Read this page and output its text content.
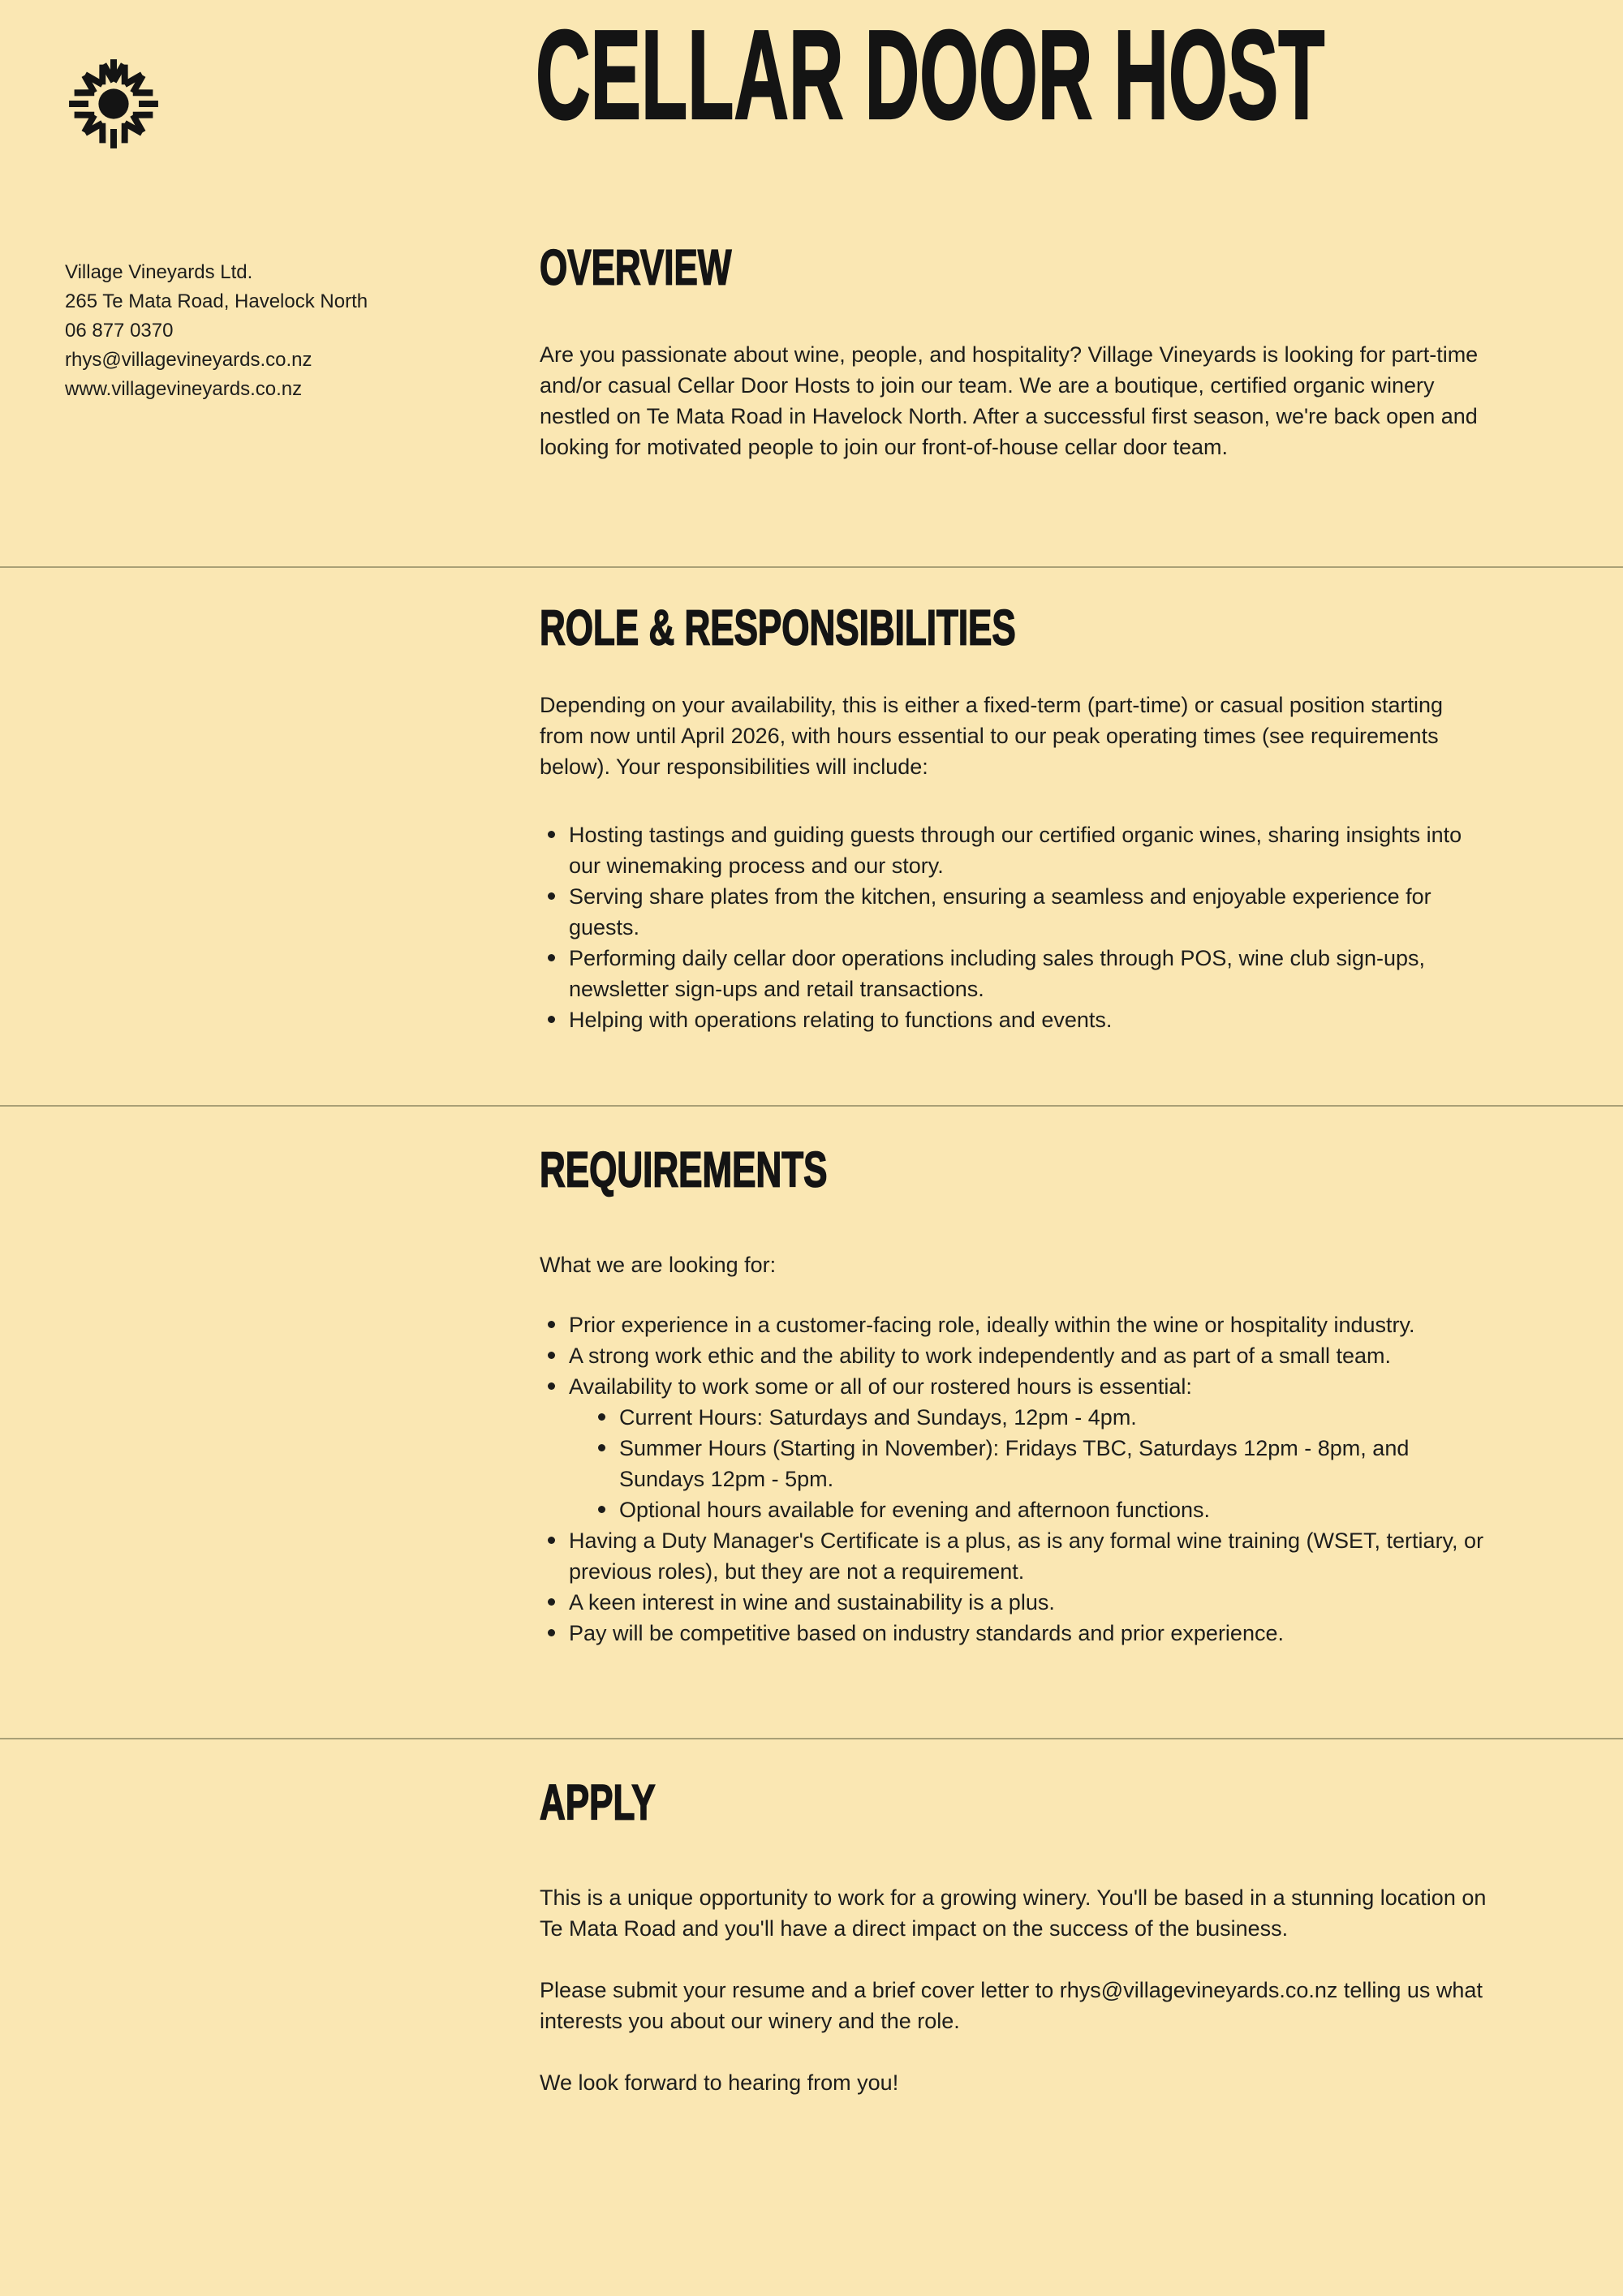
CELLAR DOOR HOST
Village Vineyards Ltd.
265 Te Mata Road, Havelock North
06 877 0370
rhys@villagevineyards.co.nz
www.villagevineyards.co.nz
OVERVIEW

Are you passionate about wine, people, and hospitality? Village Vineyards is looking for part-time and/or casual Cellar Door Hosts to join our team. We are a boutique, certified organic winery nestled on Te Mata Road in Havelock North. After a successful first season, we're back open and looking for motivated people to join our front-of-house cellar door team.

ROLE & RESPONSIBILITIES

Depending on your availability, this is either a fixed-term (part-time) or casual position starting from now until April 2026, with hours essential to our peak operating times (see requirements below). Your responsibilities will include:

Hosting tastings and guiding guests through our certified organic wines, sharing insights into our winemaking process and our story.
Serving share plates from the kitchen, ensuring a seamless and enjoyable experience for guests.
Performing daily cellar door operations including sales through POS, wine club sign-ups, newsletter sign-ups and retail transactions.
Helping with operations relating to functions and events.
REQUIREMENTS

What we are looking for:

Prior experience in a customer-facing role, ideally within the wine or hospitality industry.
A strong work ethic and the ability to work independently and as part of a small team.
Availability to work some or all of our rostered hours is essential:
Current Hours: Saturdays and Sundays, 12pm - 4pm.
Summer Hours (Starting in November): Fridays TBC, Saturdays 12pm - 8pm, and Sundays 12pm - 5pm.
Optional hours available for evening and afternoon functions.
Having a Duty Manager's Certificate is a plus, as is any formal wine training (WSET, tertiary, or previous roles), but they are not a requirement.
A keen interest in wine and sustainability is a plus.
Pay will be competitive based on industry standards and prior experience.
APPLY

This is a unique opportunity to work for a growing winery. You'll be based in a stunning location on Te Mata Road and you'll have a direct impact on the success of the business.

Please submit your resume and a brief cover letter to rhys@villagevineyards.co.nz telling us what interests you about our winery and the role.

We look forward to hearing from you!
